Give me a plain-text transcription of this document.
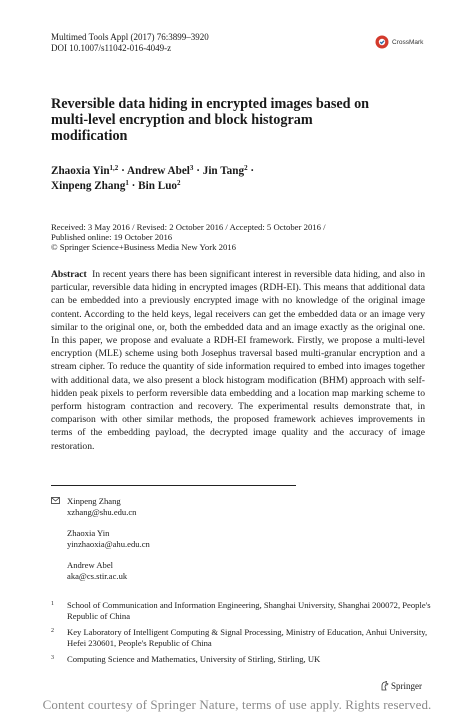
Multimed Tools Appl (2017) 76:3899–3920
DOI 10.1007/s11042-016-4049-z
CrossMark
Reversible data hiding in encrypted images based on multi-level encryption and block histogram modification
Zhaoxia Yin$^{1,2}$ · Andrew Abel$^3$ · Jin Tang$^2$ ·
Xinpeng Zhang$^1$ · Bin Luo$^2$
Received: 3 May 2016 / Revised: 2 October 2016 / Accepted: 5 October 2016 /
Published online: 19 October 2016
© Springer Science+Business Media New York 2016
Abstract In recent years there has been significant interest in reversible data hiding, and also in particular, reversible data hiding in encrypted images (RDH-EI). This means that additional data can be embedded into a previously encrypted image with no knowledge of the original image content. According to the held keys, legal receivers can get the embedded data or an image very similar to the original one, or, both the embedded data and an image exactly as the original one. In this paper, we propose and evaluate a RDH-EI framework. Firstly, we propose a multi-level encryption (MLE) scheme using both Josephus traversal based multi-granular encryption and a stream cipher. To reduce the quantity of side information required to embed into images together with additional data, we also present a block histogram modification (BHM) approach with self-hidden peak pixels to perform reversible data embedding and a location map marking scheme to perform histogram contraction and recovery. The experimental results demonstrate that, in comparison with other similar methods, the proposed framework achieves improvements in terms of the embedding payload, the decrypted image quality and the accuracy of image restoration.
Xinpeng Zhang
xzhang@shu.edu.cn
Zhaoxia Yin
yinzhaoxia@ahu.edu.cn
Andrew Abel
aka@cs.stir.ac.uk
1	School of Communication and Information Engineering, Shanghai University, Shanghai 200072, People's Republic of China
2	Key Laboratory of Intelligent Computing & Signal Processing, Ministry of Education, Anhui University, Hefei 230601, People's Republic of China
3	Computing Science and Mathematics, University of Stirling, Stirling, UK
Springer
Content courtesy of Springer Nature, terms of use apply. Rights reserved.
